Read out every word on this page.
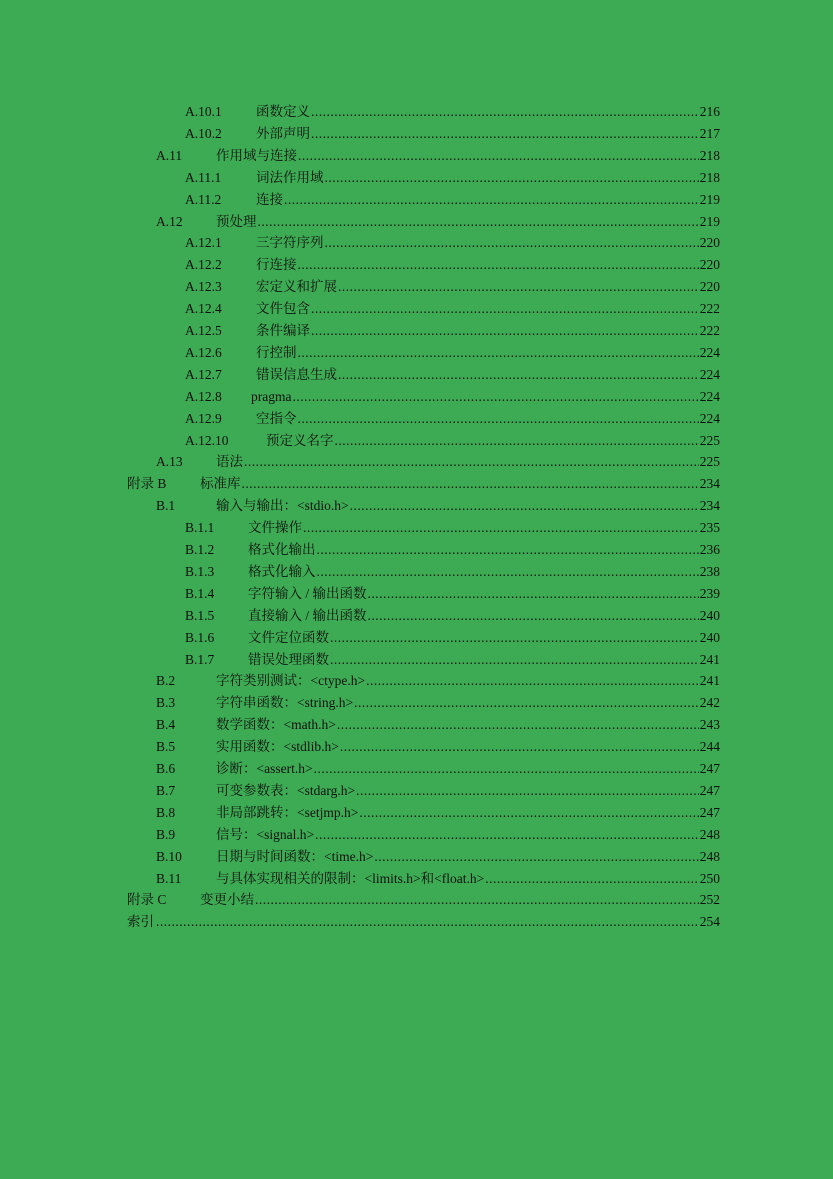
A.10.1	函数定义 .....	216
A.10.2	外部声明 .....	217
A.11	作用域与连接 .....	218
A.11.1	词法作用域 .....	218
A.11.2	连接 .....	219
A.12 预处理 .....	219
A.12.1	三字符序列 .....	220
A.12.2	行连接 .....	220
A.12.3	宏定义和扩展 .....	220
A.12.4	文件包含 .....	222
A.12.5	条件编译 .....	222
A.12.6	行控制 .....	224
A.12.7	错误信息生成 .....	224
A.12.8 pragma .....	224
A.12.9	空指令 .....	224
A.12.10	预定义名字 .....	225
A.13 语法 .....	225
附录 B 标准库 .....	234
B.1	输入与输出：<stdio.h> .....	234
B.1.1 文件操作 .....	235
B.1.2 格式化输出 .....	236
B.1.3 格式化输入 .....	238
B.1.4 字符输入 / 输出函数 .....	239
B.1.5 直接输入 / 输出函数 .....	240
B.1.6 文件定位函数 .....	240
B.1.7 错误处理函数 .....	241
B.2	字符类别测试：<ctype.h> .....	241
B.3	字符串函数：<string.h> .....	242
B.4	数学函数：<math.h> .....	243
B.5	实用函数：<stdlib.h> .....	244
B.6	诊断：<assert.h> .....	247
B.7	可变参数表：<stdarg.h> .....	247
B.8	非局部跳转：<setjmp.h> .....	247
B.9	信号：<signal.h> .....	248
B.10	日期与时间函数：<time.h> .....	248
B.11	与具体实现相关的限制：<limits.h>和<float.h> .....	250
附录 C 变更小结 .....	252
索引 .....	254
